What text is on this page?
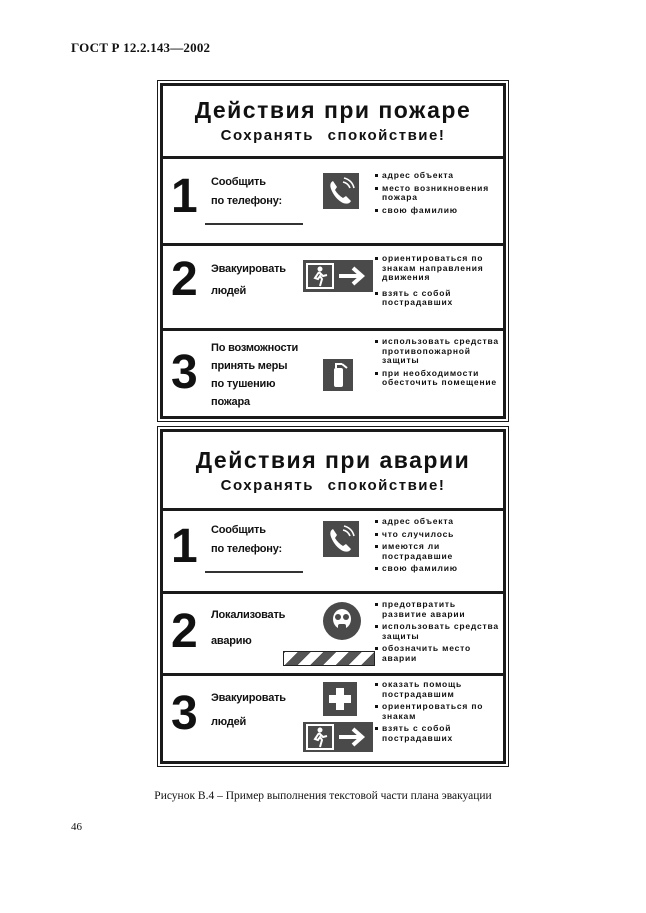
ГОСТ Р 12.2.143—2002
Действия при пожаре
Сохранять спокойствие!
1 Сообщить
по телефону:
адрес объекта
место возникновения пожара
свою фамилию
2 Эвакуировать
людей
ориентироваться по знакам направления движения
взять с собой пострадавших
3 По возможности
принять меры
по тушению
пожара
использовать средства противопожарной защиты
при необходимости обесточить помещение
Действия при аварии
Сохранять спокойствие!
1 Сообщить
по телефону:
адрес объекта
что случилось
имеются ли пострадавшие
свою фамилию
2 Локализовать
аварию
предотвратить развитие аварии
использовать средства защиты
обозначить место аварии
3 Эвакуировать
людей
оказать помощь пострадавшим
ориентироваться по знакам
взять с собой пострадавших
Рисунок В.4 – Пример выполнения текстовой части плана эвакуации
46
